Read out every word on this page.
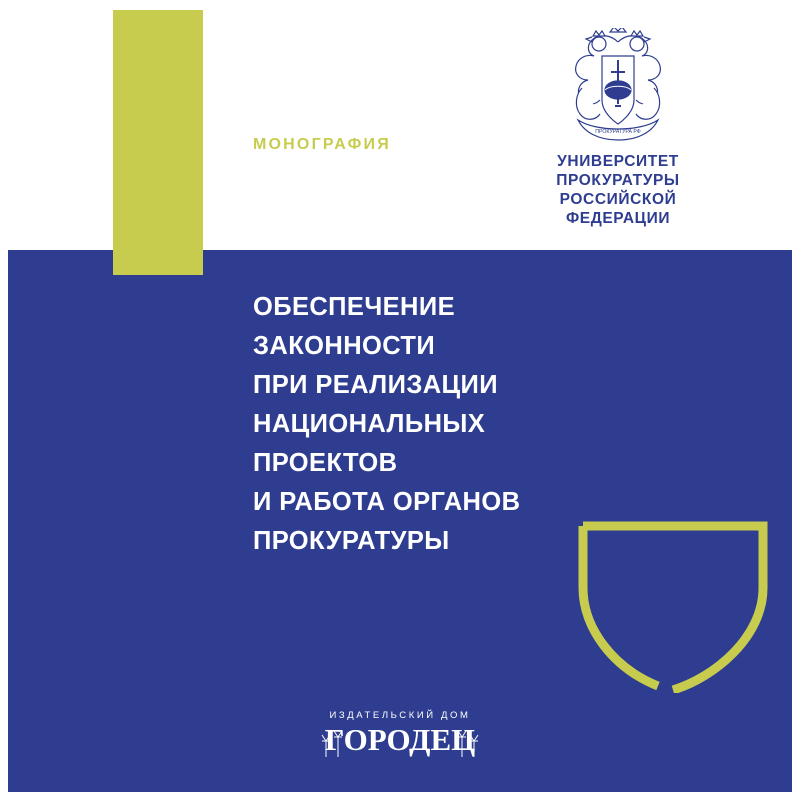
МОНОГРАФИЯ
ПРОКУРАТУРА РФ
УНИВЕРСИТЕТ
ПРОКУРАТУРЫ
РОССИЙСКОЙ
ФЕДЕРАЦИИ
ОБЕСПЕЧЕНИЕ
ЗАКОННОСТИ
ПРИ РЕАЛИЗАЦИИ
НАЦИОНАЛЬНЫХ
ПРОЕКТОВ
И РАБОТА ОРГАНОВ
ПРОКУРАТУРЫ
ИЗДАТЕЛЬСКИЙ ДОМ
ГОРОДЕЦ
